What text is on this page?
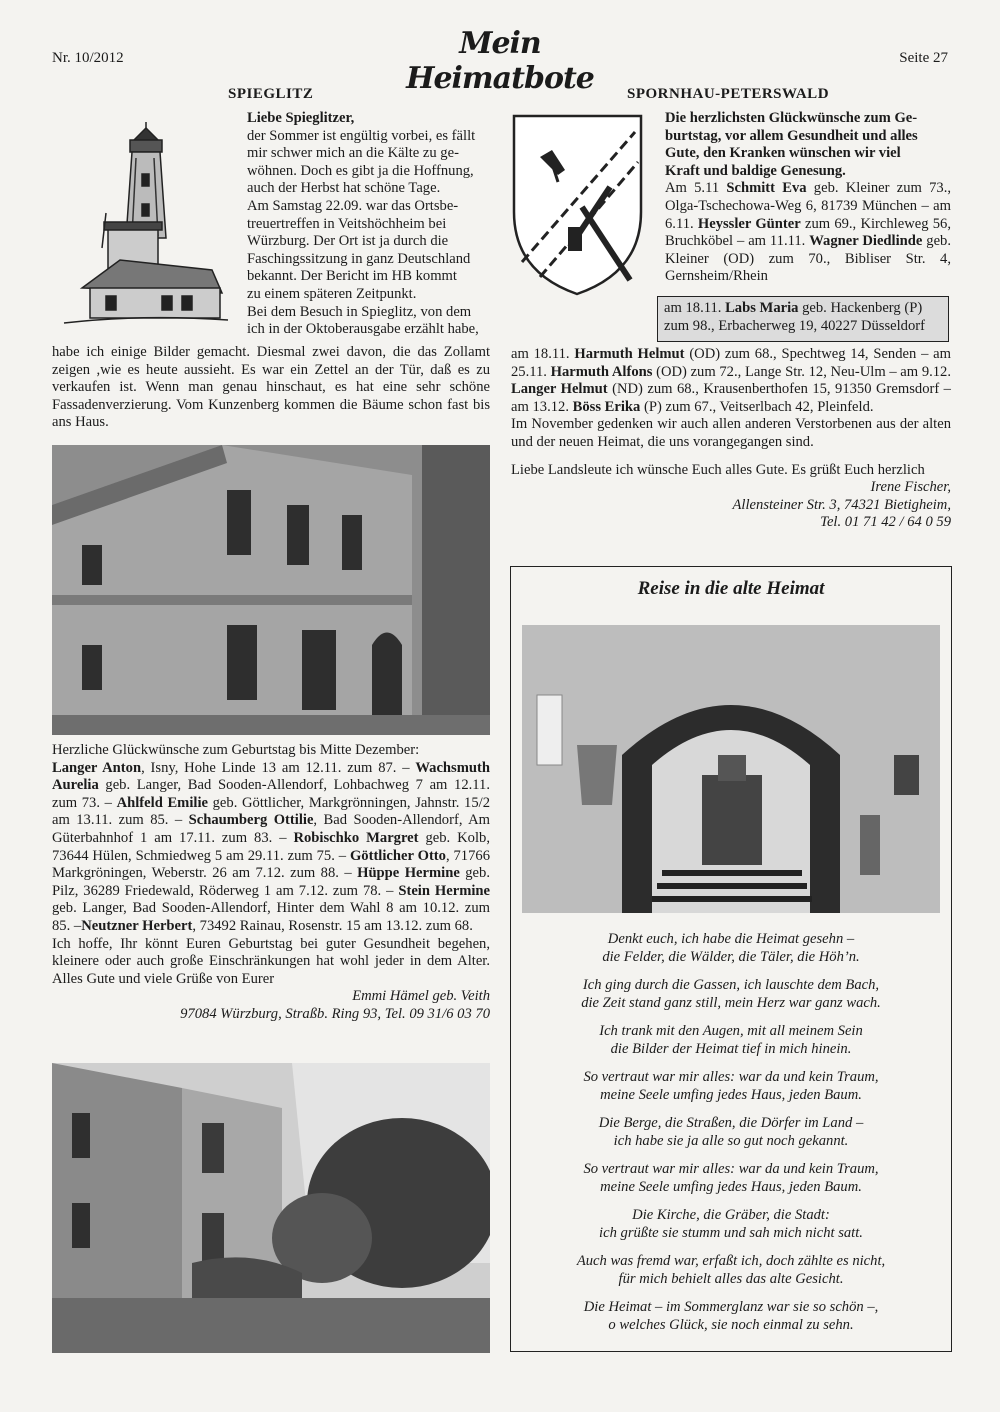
Nr. 10/2012	Mein Heimatbote
Seite 27
SPIEGLITZ

Liebe Spieglitzer,

der Sommer ist engültig vorbei, es fällt

mir schwer mich an die Kälte zu ge-

wöhnen. Doch es gibt ja die Hoffnung,

auch der Herbst hat schöne Tage.

Am Samstag 22.09. war das Ortsbe-

treuertreffen in Veitshöchheim bei

Würzburg. Der Ort ist ja durch die

Faschingssitzung in ganz Deutschland

bekannt. Der Bericht im HB kommt

zu einem späteren Zeitpunkt.

Bei dem Besuch in Spieglitz, von dem

ich in der Oktoberausgabe erzählt habe,

habe ich einige Bilder gemacht. Diesmal zwei davon, die das Zollamt zeigen ,wie es heute aussieht. Es war ein Zettel an der Tür, daß es zu verkaufen ist. Wenn man genau hinschaut, es hat eine sehr schöne Fassadenverzierung. Vom Kunzenberg kommen die Bäume schon fast bis ans Haus.

Herzliche Glückwünsche zum Geburtstag bis Mitte Dezember:

Langer Anton, Isny, Hohe Linde 13 am 12.11. zum 87. – Wachsmuth Aurelia geb. Langer, Bad Sooden-Allendorf, Lohbachweg 7 am 12.11. zum 73. – Ahlfeld Emilie geb. Göttlicher, Markgrönningen, Jahnstr. 15/2 am 13.11. zum 85. – Schaumberg Ottilie, Bad Sooden-Allendorf, Am Güterbahnhof 1 am 17.11. zum 83. – Robischko Margret geb. Kolb, 73644 Hülen, Schmiedweg 5 am 29.11. zum 75. – Göttlicher Otto, 71766 Markgröningen, Weberstr. 26 am 7.12. zum 88. – Hüppe Hermine geb. Pilz, 36289 Friedewald, Röderweg 1 am 7.12. zum 78. – Stein Hermine geb. Langer, Bad Sooden-Allendorf, Hinter dem Wahl 8 am 10.12. zum 85. –Neutzner Herbert, 73492 Rainau, Rosenstr. 15 am 13.12. zum 68.

Ich hoffe, Ihr könnt Euren Geburtstag bei guter Gesundheit begehen, kleinere oder auch große Einschränkungen hat wohl jeder in dem Alter. Alles Gute und viele Grüße von Eurer

Emmi Hämel geb. Veith

97084 Würzburg, Straßb. Ring 93, Tel. 09 31/6 03 70

SPORNHAU-PETERSWALD

Die herzlichsten Glückwünsche zum Ge-

burtstag, vor allem Gesundheit und alles

Gute, den Kranken wünschen wir viel

Kraft und baldige Genesung.

Am 5.11 Schmitt Eva geb. Kleiner zum 73., Olga-Tschechowa-Weg 6, 81739 München – am 6.11. Heyssler Günter zum 69., Kirchleweg 56, Bruchköbel – am 11.11. Wagner Diedlinde geb. Kleiner (OD) zum 70., Bibliser Str. 4, Gernsheim/Rhein

am 18.11. Labs Maria geb. Hackenberg (P) zum 98., Erbacherweg 19, 40227 Düsseldorf

am 18.11. Harmuth Helmut (OD) zum 68., Spechtweg 14, Senden – am 25.11. Harmuth Alfons (OD) zum 72., Lange Str. 12, Neu-Ulm – am 9.12. Langer Helmut (ND) zum 68., Krausenberthofen 15, 91350 Gremsdorf – am 13.12. Böss Erika (P) zum 67., Veitserlbach 42, Pleinfeld.

Im November gedenken wir auch allen anderen Verstorbenen aus der alten und der neuen Heimat, die uns vorangegangen sind.

Liebe Landsleute ich wünsche Euch alles Gute. Es grüßt Euch herzlich

Irene Fischer,

Allensteiner Str. 3, 74321 Bietigheim,

Tel. 01 71 42 / 64 0 59

Reise in die alte Heimat

Denkt euch, ich habe die Heimat gesehn –
die Felder, die Wälder, die Täler, die Höh’n.

Ich ging durch die Gassen, ich lauschte dem Bach,
die Zeit stand ganz still, mein Herz war ganz wach.

Ich trank mit den Augen, mit all meinem Sein
die Bilder der Heimat tief in mich hinein.

So vertraut war mir alles: war da und kein Traum,
meine Seele umfing jedes Haus, jeden Baum.

Die Berge, die Straßen, die Dörfer im Land –
ich habe sie ja alle so gut noch gekannt.

So vertraut war mir alles: war da und kein Traum,
meine Seele umfing jedes Haus, jeden Baum.

Die Kirche, die Gräber, die Stadt:
ich grüßte sie stumm und sah mich nicht satt.

Auch was fremd war, erfaßt ich, doch zählte es nicht,
für mich behielt alles das alte Gesicht.

Die Heimat – im Sommerglanz war sie so schön –,
o welches Glück, sie noch einmal zu sehn.
